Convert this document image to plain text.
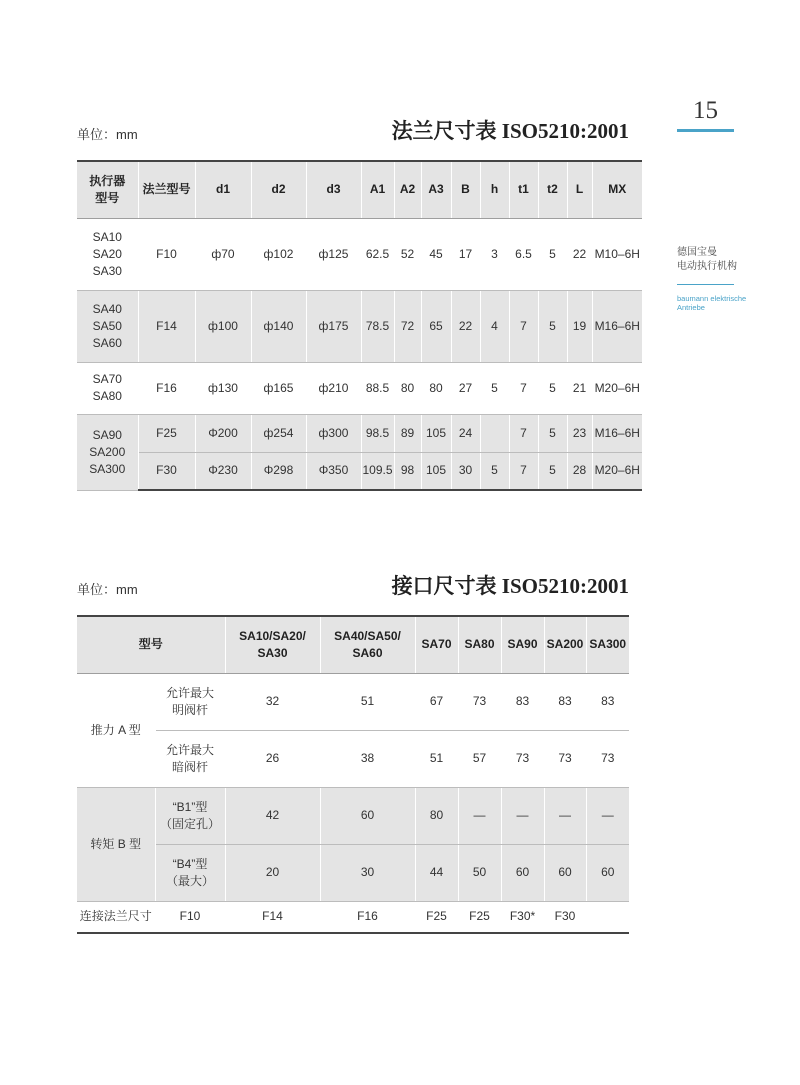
15
德国宝曼
电动执行机构
baumann elektrische
Antriebe
单位：mm	法兰尺寸表 ISO5210:2001
执行器
型号	法兰型号	d1	d2	d3	A1	A2	A3	B	h	t1	t2	L	MX
SA10
SA20
SA30	F10	ф70	ф102	ф125	62.5	52	45	17	3	6.5	5	22	M10–6H
SA40
SA50
SA60	F14	ф100	ф140	ф175	78.5	72	65	22	4	7	5	19	M16–6H
SA70
SA80	F16	ф130	ф165	ф210	88.5	80	80	27	5	7	5	21	M20–6H
SA90
SA200
SA300	F25	Φ200	ф254	ф300	98.5	89	105	24		7	5	23	M16–6H
	F30	Φ230	Φ298	Φ350	109.5	98	105	30	5	7	5	28	M20–6H
单位：mm	接口尺寸表 ISO5210:2001
型号		SA10/SA20/
SA30	SA40/SA50/
SA60	SA70	SA80	SA90	SA200	SA300
推力 A 型	允许最大
明阀杆	32	51	67	73	83	83	83
	允许最大
暗阀杆	26	38	51	57	73	73	73
转矩 B 型	“B1”型
（固定孔）	42	60	80	—	—	—	—
	“B4”型
（最大）	20	30	44	50	60	60	60
连接法兰尺寸	F10	F14	F16	F25	F25	F30*	F30	
